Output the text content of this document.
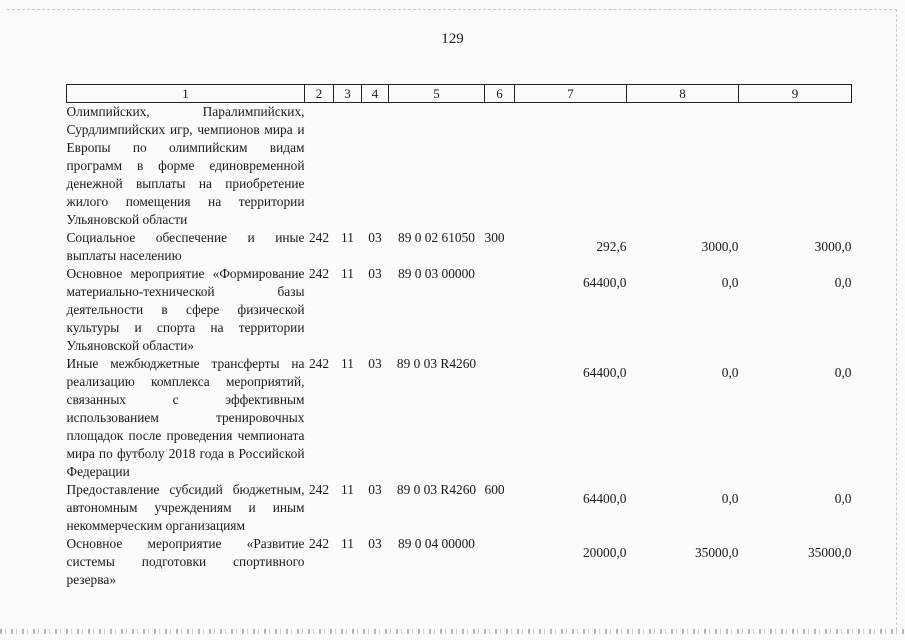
129
1	2	3	4	5	6	7	8	9
Олимпийских, Паралимпийских, Сурдлимпийских игр, чемпионов мира и Европы по олимпийским видам программ в форме единовременной денежной выплаты на приобретение жилого помещения на территории Ульяновской области								
Социальное обеспечение и иные выплаты населению	242	11	03	89 0 02 61050	300	292,6	3000,0	3000,0
Основное мероприятие «Формирование материально-технической базы деятельности в сфере физической культуры и спорта на территории Ульяновской области»	242	11	03	89 0 03 00000		64400,0	0,0	0,0
Иные межбюджетные трансферты на реализацию комплекса мероприятий, связанных с эффективным использованием тренировочных площадок после проведения чемпионата мира по футболу 2018 года в Российской Федерации	242	11	03	89 0 03 R4260		64400,0	0,0	0,0
Предоставление субсидий бюджетным, автономным учреждениям и иным некоммерческим организациям	242	11	03	89 0 03 R4260	600	64400,0	0,0	0,0
Основное мероприятие «Развитие системы подготовки спортивного резерва»	242	11	03	89 0 04 00000		20000,0	35000,0	35000,0
